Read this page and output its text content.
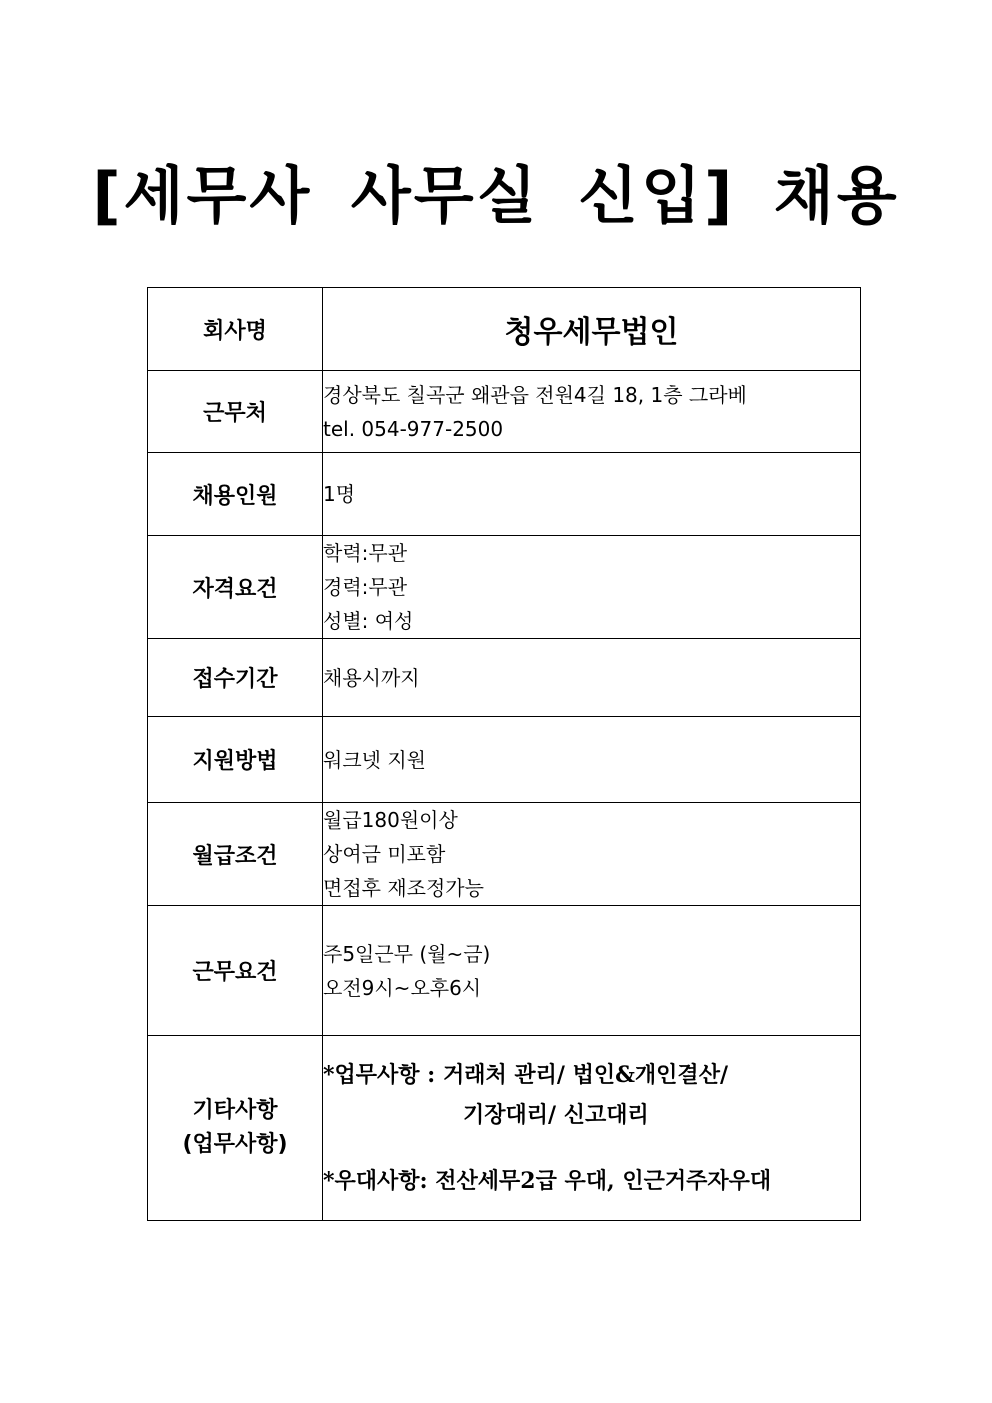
[세무사 사무실 신입] 채용
회사명	청우세무법인

근무처	경상북도 칠곡군 왜관읍 전원4길 18, 1층 그라베
tel. 054-977-2500

채용인원	1명

자격요건	학력:무관
경력:무관
성별: 여성

접수기간	채용시까지

지원방법	워크넷 지원

월급조건	월급180원이상
상여금 미포함
면접후 재조정가능

근무요건	주5일근무 (월~금)
오전9시~오후6시

기타사항
(업무사항)	*업무사항 : 거래처 관리/ 법인&개인결산/
기장대리/ 신고대리
*우대사항: 전산세무2급 우대, 인근거주자우대
